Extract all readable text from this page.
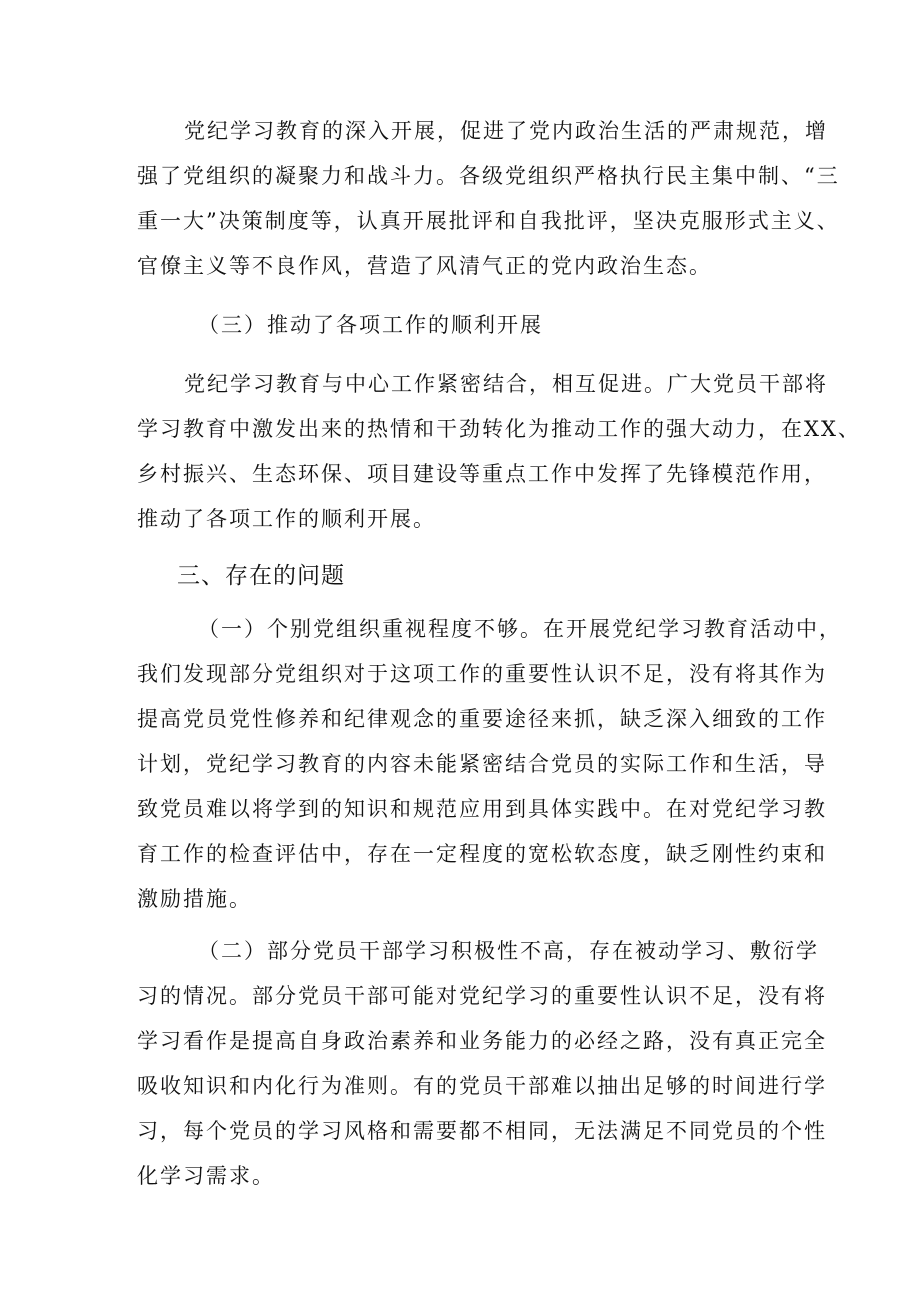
党纪学习教育的深入开展，促进了党内政治生活的严肃规范，增
强了党组织的凝聚力和战斗力。各级党组织严格执行民主集中制、“三
重一大”决策制度等，认真开展批评和自我批评，坚决克服形式主义、
官僚主义等不良作风，营造了风清气正的党内政治生态。
（三）推动了各项工作的顺利开展
党纪学习教育与中心工作紧密结合，相互促进。广大党员干部将
学习教育中激发出来的热情和干劲转化为推动工作的强大动力，在XX、
乡村振兴、生态环保、项目建设等重点工作中发挥了先锋模范作用，
推动了各项工作的顺利开展。
三、存在的问题
（一）个别党组织重视程度不够。在开展党纪学习教育活动中，
我们发现部分党组织对于这项工作的重要性认识不足，没有将其作为
提高党员党性修养和纪律观念的重要途径来抓，缺乏深入细致的工作
计划，党纪学习教育的内容未能紧密结合党员的实际工作和生活，导
致党员难以将学到的知识和规范应用到具体实践中。在对党纪学习教
育工作的检查评估中，存在一定程度的宽松软态度，缺乏刚性约束和
激励措施。
（二）部分党员干部学习积极性不高，存在被动学习、敷衍学
习的情况。部分党员干部可能对党纪学习的重要性认识不足，没有将
学习看作是提高自身政治素养和业务能力的必经之路，没有真正完全
吸收知识和内化行为准则。有的党员干部难以抽出足够的时间进行学
习，每个党员的学习风格和需要都不相同，无法满足不同党员的个性
化学习需求。
